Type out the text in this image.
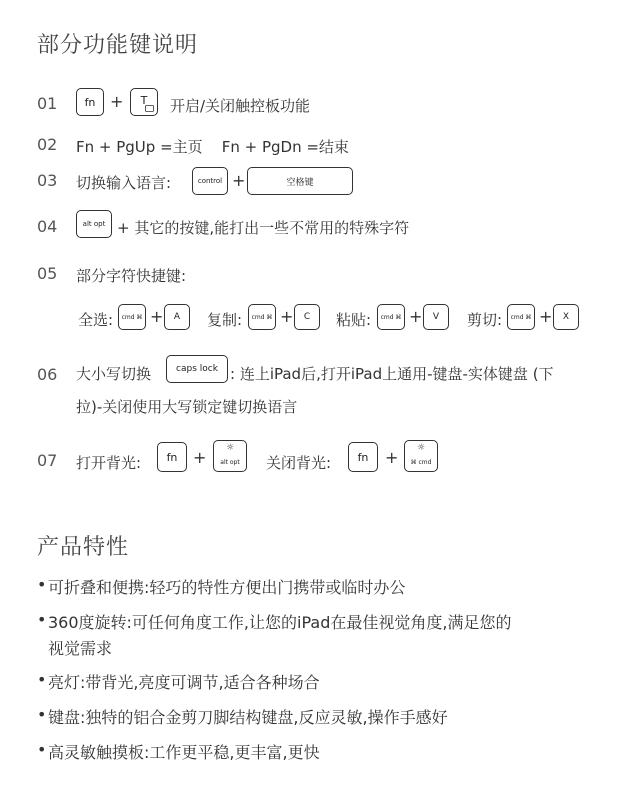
部分功能键说明
01	fn + T 开启/关闭触控板功能
02 Fn + PgUp =主页    Fn + PgDn =结束
03 切换输入语言:	control +	空格键
04	alt opt + 其它的按键,能打出一些不常用的特殊字符
05 部分字符快捷键:
全选:	cmd ⌘ +	A	复制:	cmd ⌘ +	C	粘贴:	cmd ⌘ +	V	剪切:	cmd ⌘ +	X
06 大小写切换	caps lock : 连上iPad后,打开iPad上通用-键盘-实体键盘 (下
拉)-关闭使用大写锁定键切换语言
07 打开背光:	fn + ☼
alt opt 关闭背光:	fn	+ ☼
⌘ cmd
产品特性
• 可折叠和便携:轻巧的特性方便出门携带或临时办公
• 360度旋转:可任何角度工作,让您的iPad在最佳视觉角度,满足您的
视觉需求
• 亮灯:带背光,亮度可调节,适合各种场合
• 键盘:独特的铝合金剪刀脚结构键盘,反应灵敏,操作手感好
• 高灵敏触摸板:工作更平稳,更丰富,更快
